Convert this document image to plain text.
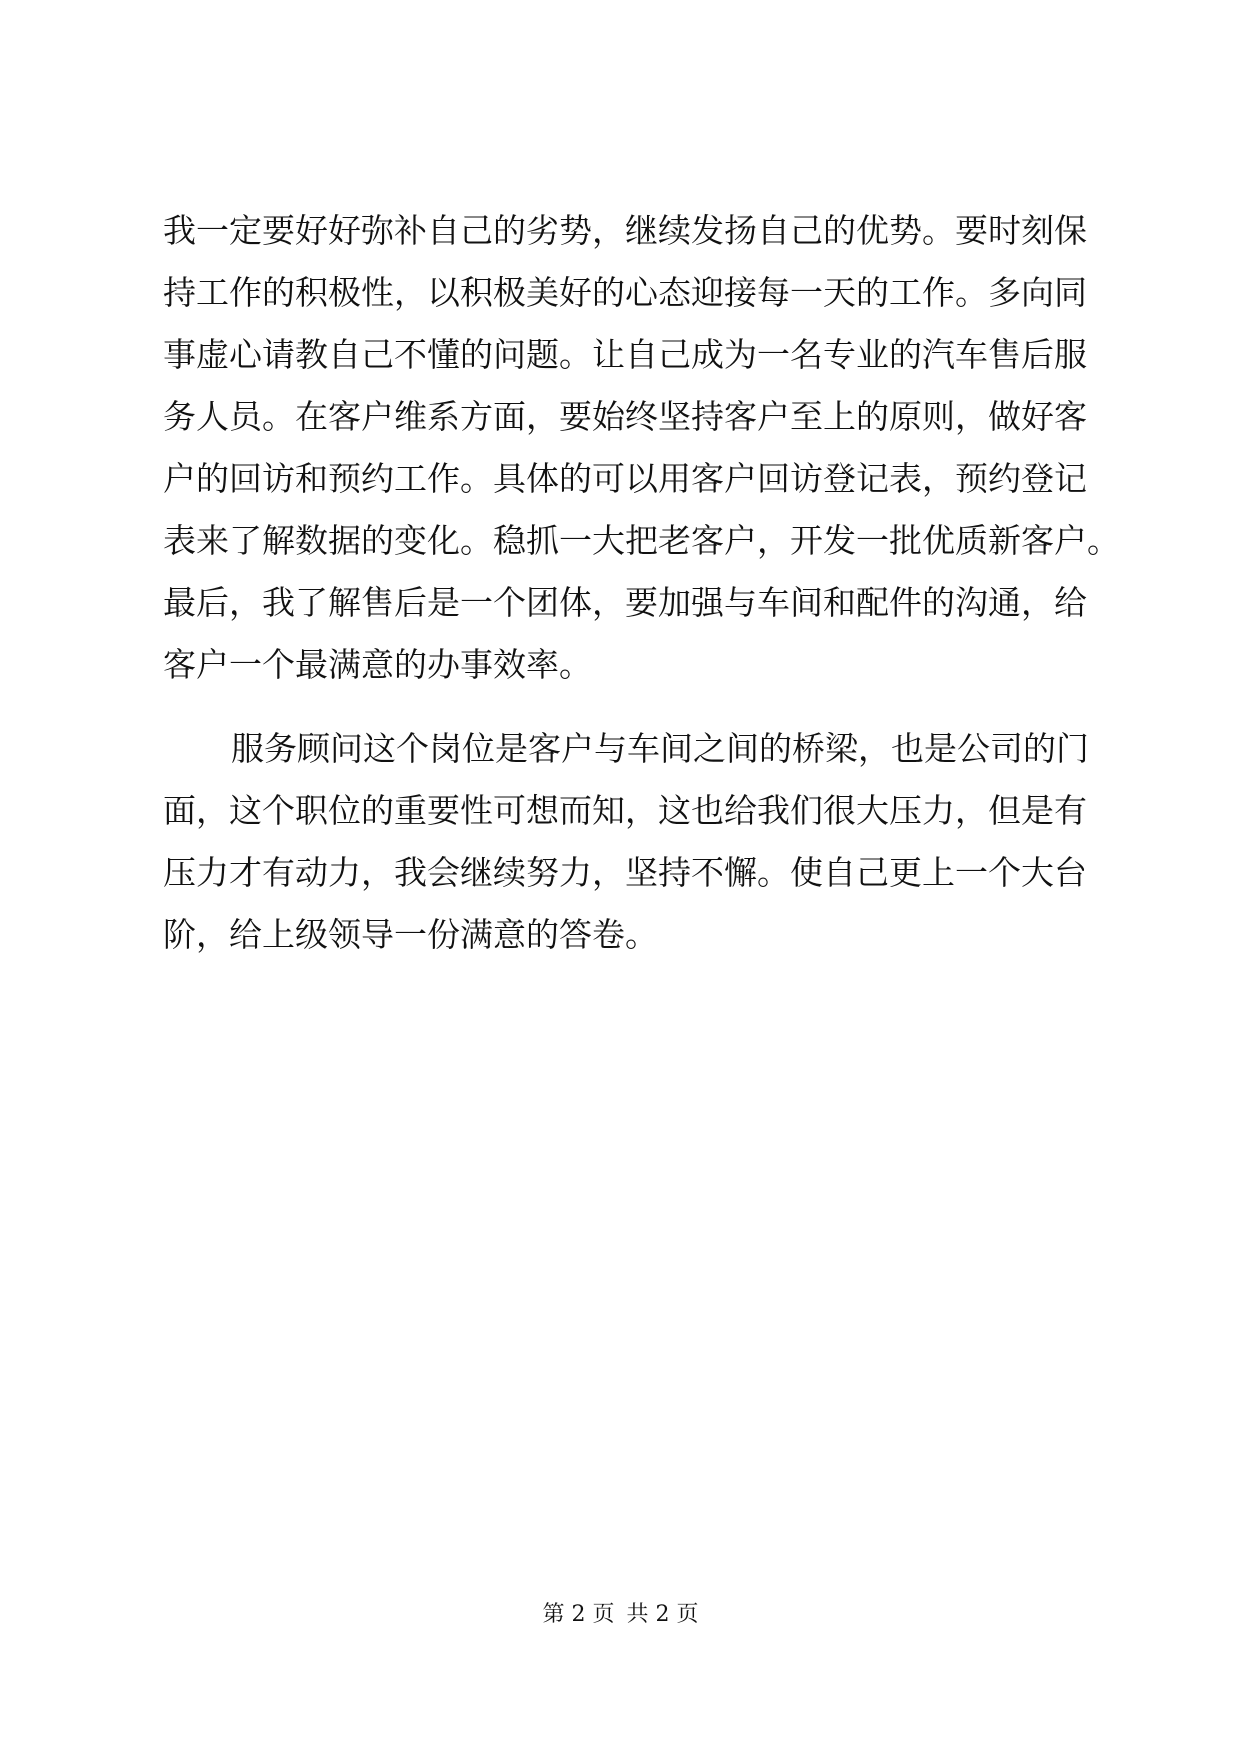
我一定要好好弥补自己的劣势，继续发扬自己的优势。要时刻保
持工作的积极性，以积极美好的心态迎接每一天的工作。多向同
事虚心请教自己不懂的问题。让自己成为一名专业的汽车售后服
务人员。在客户维系方面，要始终坚持客户至上的原则，做好客
户的回访和预约工作。具体的可以用客户回访登记表，预约登记
表来了解数据的变化。稳抓一大把老客户，开发一批优质新客户。
最后，我了解售后是一个团体，要加强与车间和配件的沟通，给
客户一个最满意的办事效率。
服务顾问这个岗位是客户与车间之间的桥梁，也是公司的门
面，这个职位的重要性可想而知，这也给我们很大压力，但是有
压力才有动力，我会继续努力，坚持不懈。使自己更上一个大台
阶，给上级领导一份满意的答卷。
第 2 页 共 2 页
